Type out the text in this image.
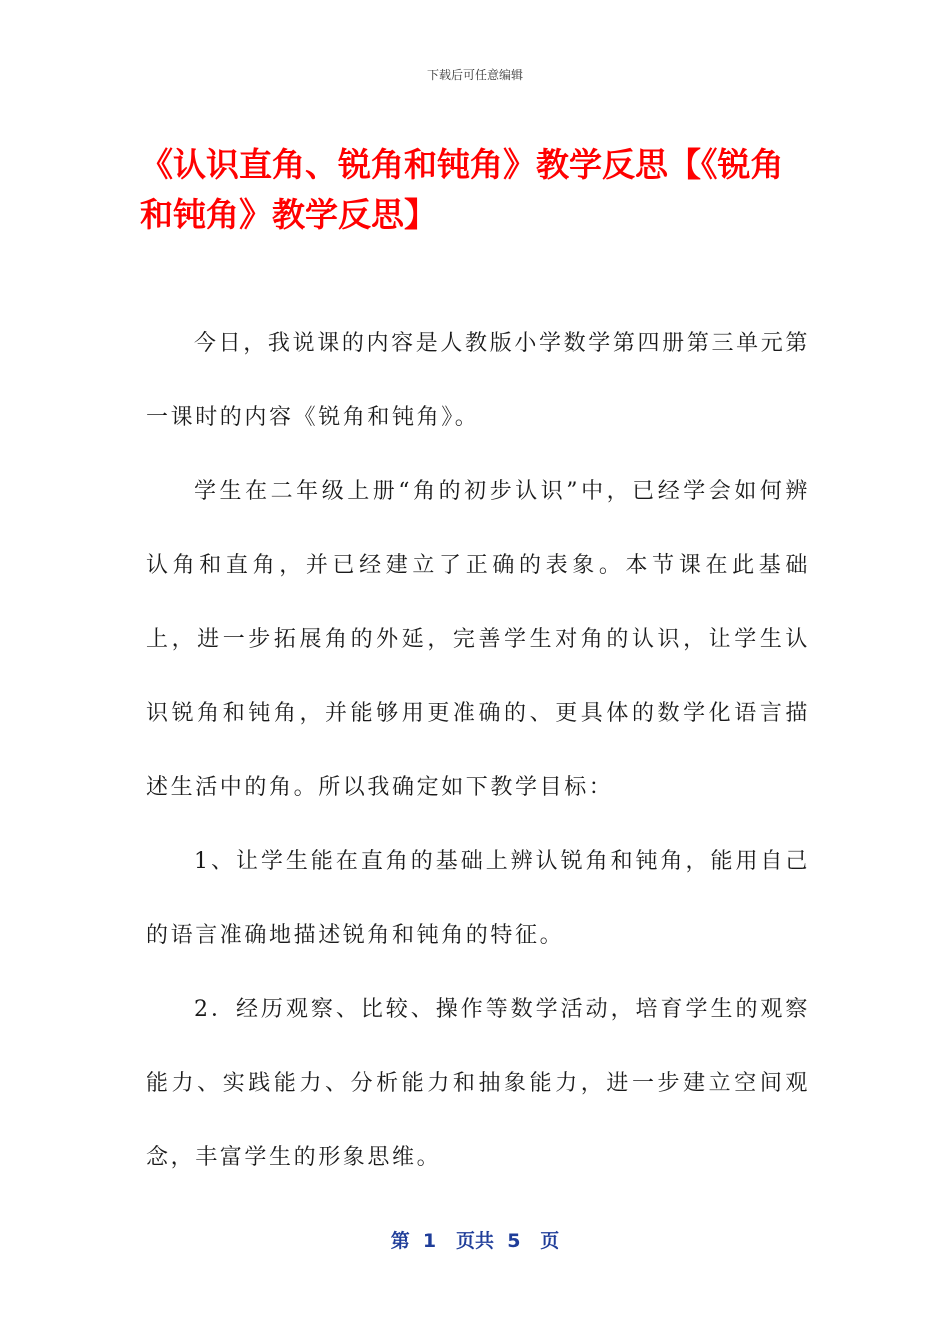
下载后可任意编辑
《认识直角、锐角和钝角》教学反思【《锐角和钝角》教学反思】

今日，我说课的内容是人教版小学数学第四册第三单元第一课时的内容《锐角和钝角》。

学生在二年级上册“角的初步认识”中，已经学会如何辨认角和直角，并已经建立了正确的表象。本节课在此基础上，进一步拓展角的外延，完善学生对角的认识，让学生认识锐角和钝角，并能够用更准确的、更具体的数学化语言描述生活中的角。所以我确定如下教学目标：

1、让学生能在直角的基础上辨认锐角和钝角，能用自己的语言准确地描述锐角和钝角的特征。

2．经历观察、比较、操作等数学活动，培育学生的观察能力、实践能力、分析能力和抽象能力，进一步建立空间观念，丰富学生的形象思维。

第  1   页共  5   页
